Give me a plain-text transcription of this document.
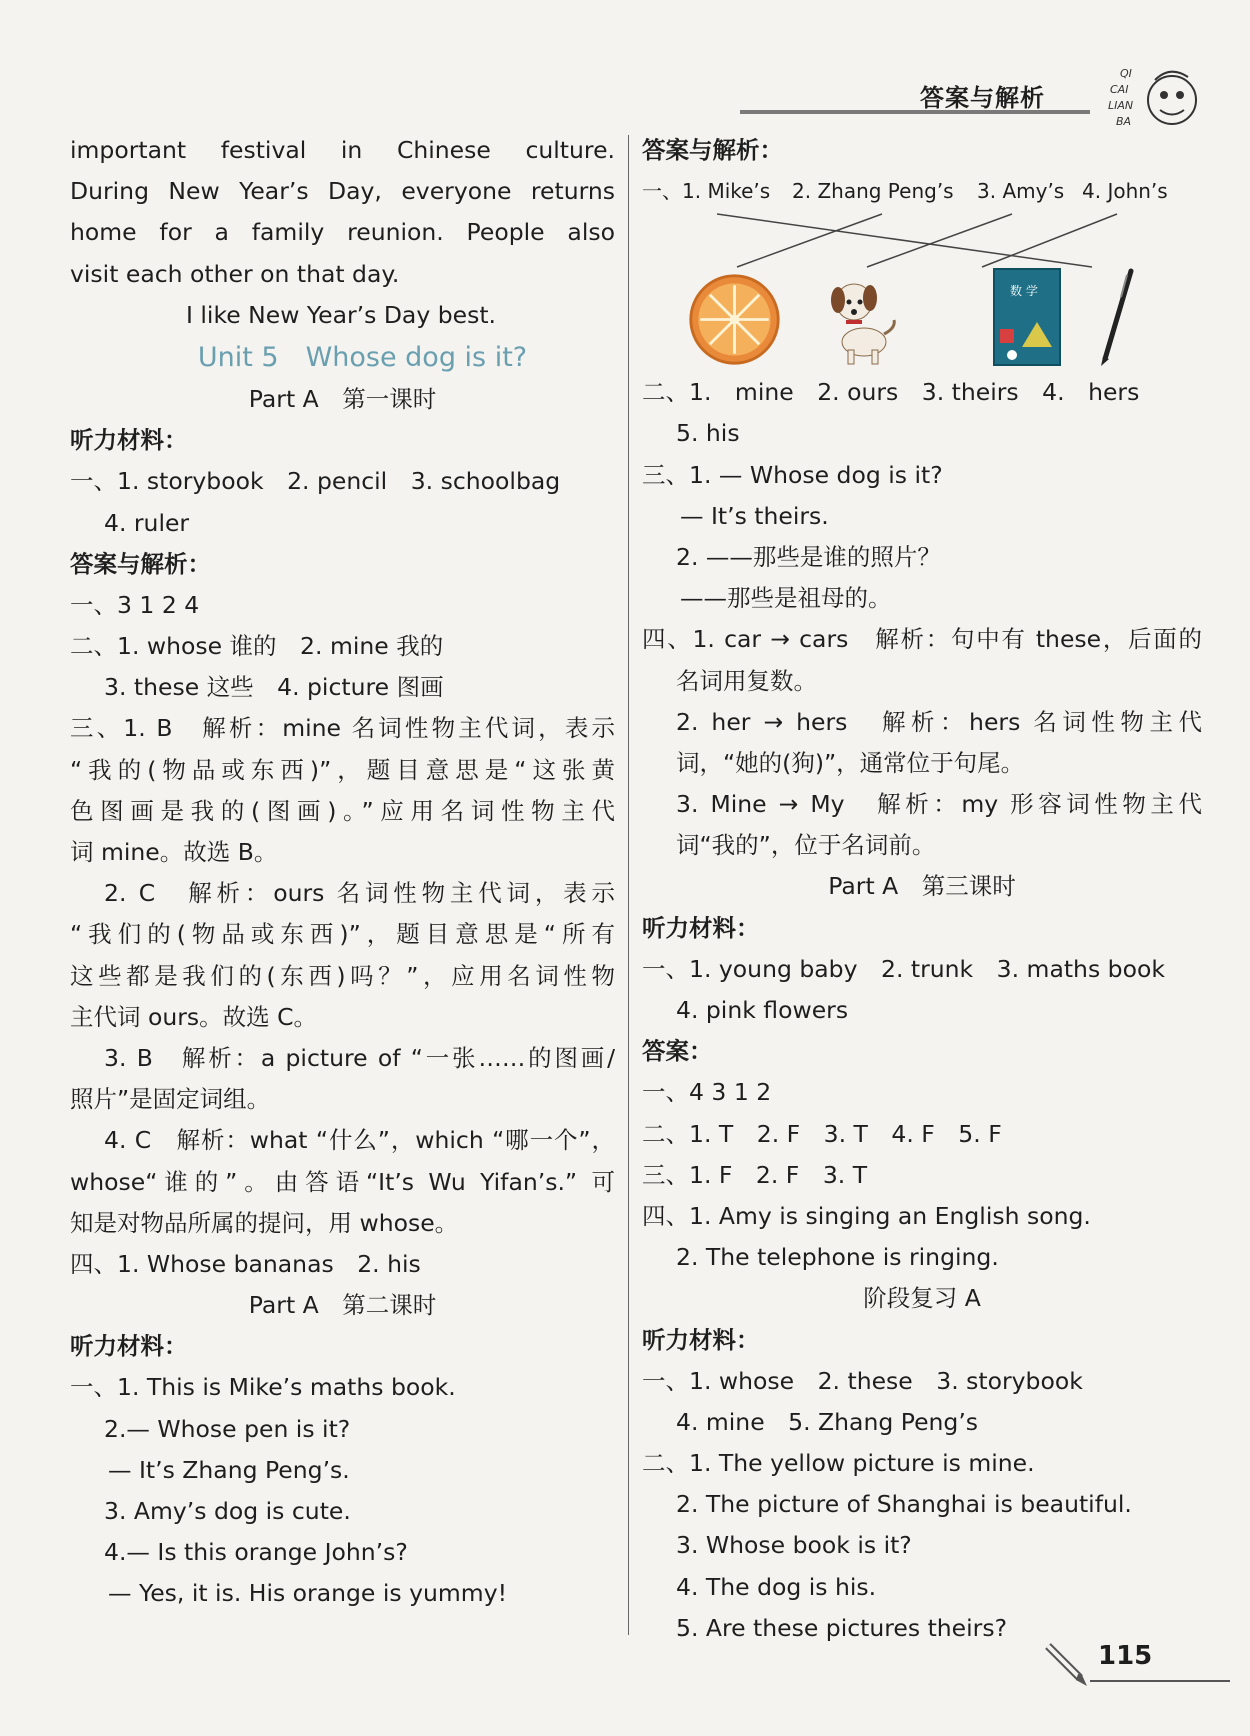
答案与解析
QI
CAI
LIAN
BA
important festival in Chinese culture.
During New Year’s Day, everyone returns
home for a family reunion. People also
visit each other on that day.
I like New Year’s Day best.
Unit 5　Whose dog is it?
Part A　第一课时
听力材料：
一、1. storybook　2. pencil　3. schoolbag
4. ruler
答案与解析：
一、3 1 2 4
二、1. whose 谁的　2. mine 我的
3. these 这些　4. picture 图画
三、1. B　解析：mine 名词性物主代词，表示
“我的(物品或东西)”，题目意思是“这张黄
色图画是我的(图画)。”应用名词性物主代
词 mine。故选 B。
2. C　解析：ours 名词性物主代词，表示
“我们的(物品或东西)”，题目意思是“所有
这些都是我们的(东西)吗？”，应用名词性物
主代词 ours。故选 C。
3. B　解析：a picture of “一张……的图画/
照片”是固定词组。
4. C　解析：what “什么”，which “哪一个”，
whose“谁的”。由答语“It’s Wu Yifan’s.” 可
知是对物品所属的提问，用 whose。
四、1. Whose bananas　2. his
Part A　第二课时
听力材料：
一、1. This is Mike’s maths book.
2.— Whose pen is it?
— It’s Zhang Peng’s.
3. Amy’s dog is cute.
4.— Is this orange John’s?
— Yes, it is. His orange is yummy!
答案与解析：
一、1. Mike’s 2. Zhang Peng’s 3. Amy’s 4. John’s
数 学
二、1.　mine　2. ours　3. theirs　4.　hers
5. his
三、1. — Whose dog is it?
— It’s theirs.
2. ——那些是谁的照片？
——那些是祖母的。
四、1. car → cars　解析：句中有 these，后面的
名词用复数。
2. her → hers　解析：hers 名词性物主代
词，“她的(狗)”，通常位于句尾。
3. Mine → My　解析：my 形容词性物主代
词“我的”，位于名词前。
Part A　第三课时
听力材料：
一、1. young baby　2. trunk　3. maths book
4. pink flowers
答案：
一、4 3 1 2
二、1. T　2. F　3. T　4. F　5. F
三、1. F　2. F　3. T
四、1. Amy is singing an English song.
2. The telephone is ringing.
阶段复习 A
听力材料：
一、1. whose　2. these　3. storybook
4. mine　5. Zhang Peng’s
二、1. The yellow picture is mine.
2. The picture of Shanghai is beautiful.
3. Whose book is it?
4. The dog is his.
5. Are these pictures theirs?
115
